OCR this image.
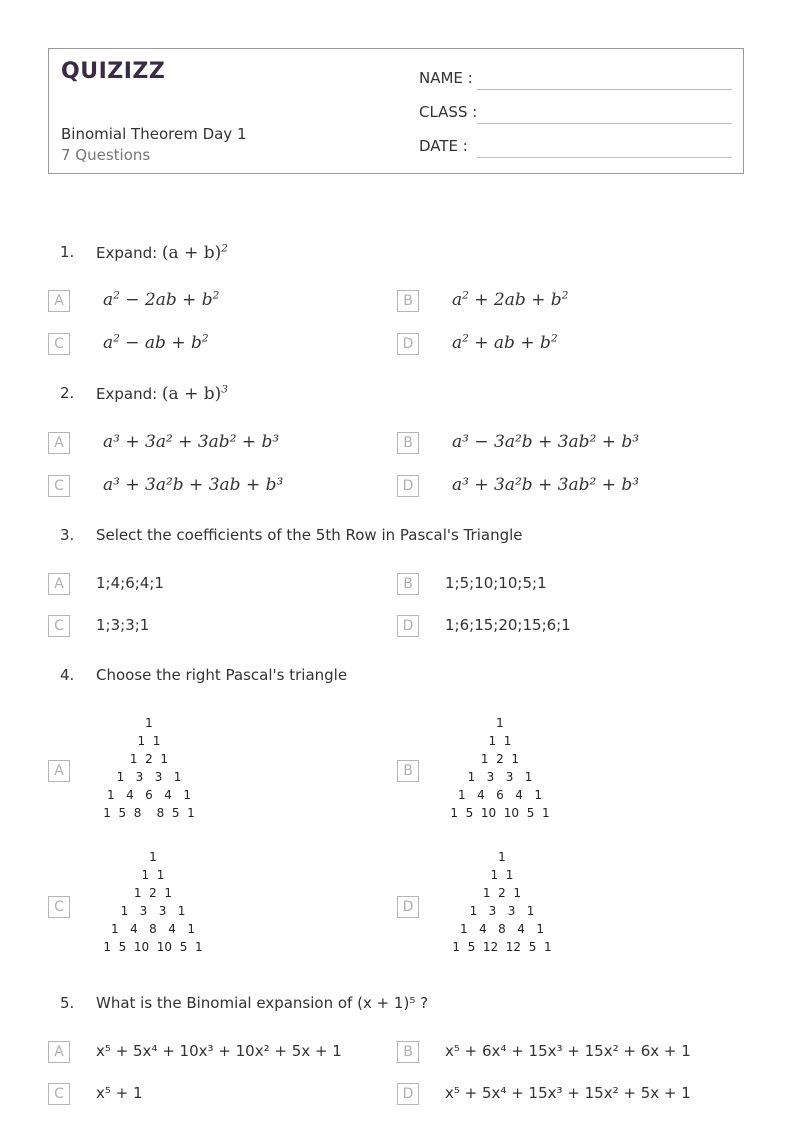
QUIZIZZ
Binomial Theorem Day 1
7 Questions
NAME :
CLASS :
DATE :
1. Expand: $(a + b)^2$
A	$a^2 - 2ab + b^2$	B	$a^2 + 2ab + b^2$
C	$a^2$ − ab + $b^2$	D	$a^2$ + ab + $b^2$
2. Expand: $(a + b)^3$
A	a³ + 3a² + 3ab² + b³	B	a³ − 3a²b + 3ab² + b³
C	a³ + 3a²b + 3ab + b³	D	a³ + 3a²b + 3ab² + b³
3. Select the coefficients of the 5th Row in Pascal's Triangle
A	1;4;6;4;1	B	1;5;10;10;5;1
C	1;3;3;1	D	1;6;15;20;15;6;1
4. Choose the right Pascal's triangle
A
1
1  1
1  2  1
1   3   3   1
1   4   6   4   1
1  5  8    8  5  1
B
1
1  1
1  2  1
1   3   3   1
1   4   6   4   1
1  5  10  10  5  1
C
1
1  1
1  2  1
1   3   3   1
1   4   8   4   1
1  5  10  10  5  1
D
1
1  1
1  2  1
1   3   3   1
1   4   8   4   1
1  5  12  12  5  1
5. What is the Binomial expansion of (x + 1)⁵ ?
A	x⁵ + 5x⁴ + 10x³ + 10x² + 5x + 1	B	x⁵ + 6x⁴ + 15x³ + 15x² + 6x + 1
C	x⁵ + 1	D	x⁵ + 5x⁴ + 15x³ + 15x² + 5x + 1
